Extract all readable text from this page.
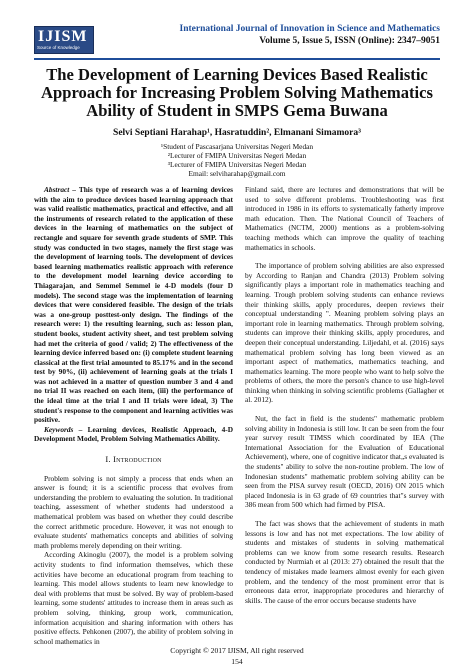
IJISM
Source of Knowledge
International Journal of Innovation in Science and Mathematics
Volume 5, Issue 5, ISSN (Online): 2347–9051
The Development of Learning Devices Based Realistic
Approach for Increasing Problem Solving Mathematics
Ability of Student in SMPS Gema Buwana
Selvi Septiani Harahap¹, Hasratuddin², Elmanani Simamora³
¹Student of Pascasarjana Universitas Negeri Medan
²Lecturer of FMIPA Universitas Negeri Medan
³Lecturer of FMIPA Universitas Negeri Medan
Email: selviharahap@gmail.com

Abstract – This type of research was a of learning devices with the aim to produce devices based learning approach that was valid realistic mathematics, practical and effective, and all the instruments of research related to the application of these devices in the learning of mathematics on the subject of rectangle and square for seventh grade students of SMP. This study was conducted in two stages, namely the first stage was the development of learning tools. The development of devices based learning mathematics realistic approach with reference to the development model learning device according to Thiagarajan, and Semmel Semmel ie 4-D models (four D models). The second stage was the implementation of learning devices that were considered feasible. The design of the trials was a one-group posttest-only design. The findings of the research were: 1) the resulting learning, such as: lesson plan, student books, student activity sheet, and test problem solving had met the criteria of good / valid; 2) The effectiveness of the learning device inferred based on: (i) complete student learning classical at the first trial amounted to 85.17% and in the second test by 90%, (ii) achievement of learning goals at the trials I was not achieved in a matter of question number 3 and 4 and no trial II was reached on each item, (iii) the performance of the ideal time at the trial I and II trials were ideal, 3) The student's response to the component and learning activities was positive.

Keywords – Learning devices, Realistic Approach, 4-D Development Model, Problem Solving Mathematics Ability.

I. Introduction

Problem solving is not simply a process that ends when an answer is found; it is a scientific process that evolves from understanding the problem to evaluating the solution. In traditional teaching, assessment of whether students had understood a mathematical problem was based on whether they could describe the correct arithmetic procedure. However, it was not enough to evaluate students' mathematics concepts and abilities of solving math problems merely depending on their writing.

According Akinoglu (2007), the model is a problem solving activity students to find information themselves, which these activities have become an educational program from teaching to learning. This model allows students to learn new knowledge to deal with problems that must be solved. By way of problem-based learning, some students' attitudes to increase them in areas such as problem solving, thinking, group work, communication, information acquisition and sharing information with others has positive effects. Pehkonen (2007), the ability of problem solving in school mathematics in

Finland said, there are lectures and demonstrations that will be used to solve different problems. Troubleshooting was first introduced in 1986 in its efforts to systematically fatherly improve math education. Then. The National Council of Teachers of Mathematics (NCTM, 2000) mentions as a problem-solving teaching methods which can improve the quality of teaching mathematics in schools.

The importance of problem solving abilities are also expressed by According to Ranjan and Chandra (2013) Problem solving significantly plays a important role in mathematics teaching and learning. Trough problem solving students can enhance reviews their thinking skills, apply procedures, deepen reviews their conceptual understanding ". Meaning problem solving plays an important role in learning mathematics. Through problem solving, students can improve their thinking skills, apply procedures, and deepen their conceptual understanding. Liljedahl, et al. (2016) says mathematical problem solving has long been viewed as an important aspect of mathematics, mathematics teaching, and mathematics learning. The more people who want to help solve the problems of others, the more the person's chance to use high-level thinking when thinking in solving scientific problems (Gallagher et al. 2012).

Nut, the fact in field is the students" mathematic problem solving ability in Indonesia is still low. It can be seen from the four year survey result TIMSS which coordinated by IEA (The International Association for the Evaluation of Educational Achievement), where, one of cognitive indicator that„s evaluated is the students" ability to solve the non-routine problem. The low of Indonesian students" mathematic problem solving ability can be seen from the PISA survey result (OECD, 2016) ON 2015 which placed Indonesia is in 63 grade of 69 countries that"s survey with 386 mean from 500 which had firmed by PISA.

The fact was shows that the achievement of students in math lessons is low and has not met expectations. The low ability of students and mistakes of students in solving mathematical problems can we know from some research results. Research conducted by Nurmiah et al (2013: 27) obtained the result that the tendency of mistakes made learners almost evenly for each given problem, and the tendency of the most prominent error that is erroneous data error, inappropriate procedures and hierarchy of skills. The cause of the error occurs because students have

Copyright © 2017 IJISM, All right reserved
154
